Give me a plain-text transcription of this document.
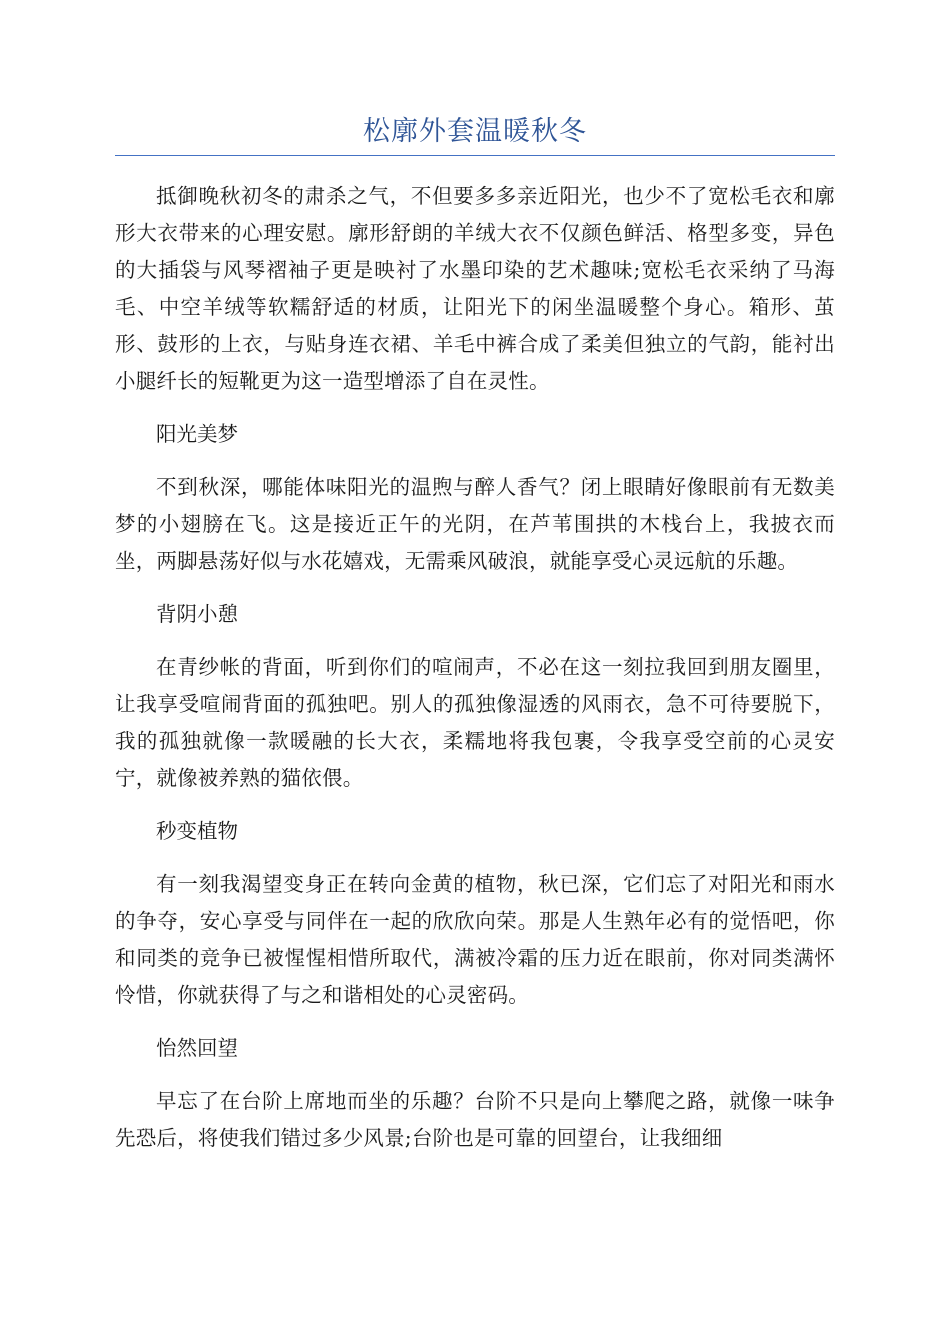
松廓外套温暖秋冬

抵御晚秋初冬的肃杀之气，不但要多多亲近阳光，也少不了宽松毛衣和廓形大衣带来的心理安慰。廓形舒朗的羊绒大衣不仅颜色鲜活、格型多变，异色的大插袋与风琴褶袖子更是映衬了水墨印染的艺术趣味;宽松毛衣采纳了马海毛、中空羊绒等软糯舒适的材质，让阳光下的闲坐温暖整个身心。箱形、茧形、鼓形的上衣，与贴身连衣裙、羊毛中裤合成了柔美但独立的气韵，能衬出小腿纤长的短靴更为这一造型增添了自在灵性。

阳光美梦

不到秋深，哪能体味阳光的温煦与醉人香气？闭上眼睛好像眼前有无数美梦的小翅膀在飞。这是接近正午的光阴，在芦苇围拱的木栈台上，我披衣而坐，两脚悬荡好似与水花嬉戏，无需乘风破浪，就能享受心灵远航的乐趣。

背阴小憩

在青纱帐的背面，听到你们的喧闹声，不必在这一刻拉我回到朋友圈里，让我享受喧闹背面的孤独吧。别人的孤独像湿透的风雨衣，急不可待要脱下，我的孤独就像一款暖融的长大衣，柔糯地将我包裹，令我享受空前的心灵安宁，就像被养熟的猫依偎。

秒变植物

有一刻我渴望变身正在转向金黄的植物，秋已深，它们忘了对阳光和雨水的争夺，安心享受与同伴在一起的欣欣向荣。那是人生熟年必有的觉悟吧，你和同类的竞争已被惺惺相惜所取代，满被冷霜的压力近在眼前，你对同类满怀怜惜，你就获得了与之和谐相处的心灵密码。

怡然回望

早忘了在台阶上席地而坐的乐趣？台阶不只是向上攀爬之路，就像一味争先恐后，将使我们错过多少风景;台阶也是可靠的回望台，让我细细
